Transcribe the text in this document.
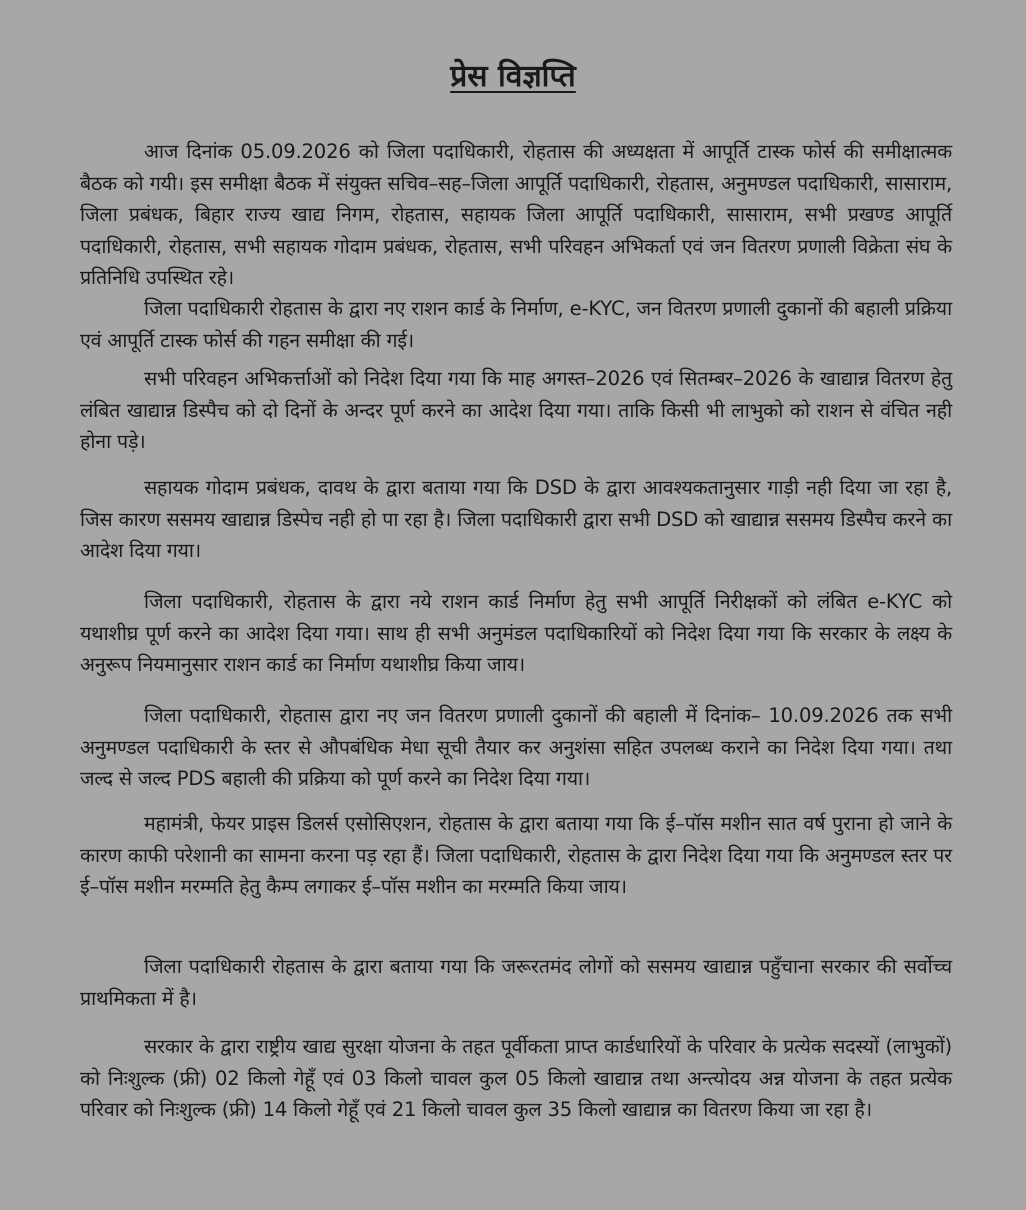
प्रेस विज्ञप्ति

आज दिनांक 05.09.2026 को जिला पदाधिकारी, रोहतास की अध्यक्षता में आपूर्ति टास्क फोर्स की समीक्षात्मक बैठक को गयी। इस समीक्षा बैठक में संयुक्त सचिव–सह–जिला आपूर्ति पदाधिकारी, रोहतास, अनुमण्डल पदाधिकारी, सासाराम, जिला प्रबंधक, बिहार राज्य खाद्य निगम, रोहतास, सहायक जिला आपूर्ति पदाधिकारी, सासाराम, सभी प्रखण्ड आपूर्ति पदाधिकारी, रोहतास, सभी सहायक गोदाम प्रबंधक, रोहतास, सभी परिवहन अभिकर्ता एवं जन वितरण प्रणाली विक्रेता संघ के प्रतिनिधि उपस्थित रहे।

जिला पदाधिकारी रोहतास के द्वारा नए राशन कार्ड के निर्माण, e-KYC, जन वितरण प्रणाली दुकानों की बहाली प्रक्रिया एवं आपूर्ति टास्क फोर्स की गहन समीक्षा की गई।

सभी परिवहन अभिकर्त्ताओं को निदेश दिया गया कि माह अगस्त–2026 एवं सितम्बर–2026 के खाद्यान्न वितरण हेतु लंबित खाद्यान्न डिस्पैच को दो दिनों के अन्दर पूर्ण करने का आदेश दिया गया। ताकि किसी भी लाभुको को राशन से वंचित नही होना पड़े।

सहायक गोदाम प्रबंधक, दावथ के द्वारा बताया गया कि DSD के द्वारा आवश्यकतानुसार गाड़ी नही दिया जा रहा है, जिस कारण ससमय खाद्यान्न डिस्पेच नही हो पा रहा है। जिला पदाधिकारी द्वारा सभी DSD को खाद्यान्न ससमय डिस्पैच करने का आदेश दिया गया।

जिला पदाधिकारी, रोहतास के द्वारा नये राशन कार्ड निर्माण हेतु सभी आपूर्ति निरीक्षकों को लंबित e-KYC को यथाशीघ्र पूर्ण करने का आदेश दिया गया। साथ ही सभी अनुमंडल पदाधिकारियों को निदेश दिया गया कि सरकार के लक्ष्य के अनुरूप नियमानुसार राशन कार्ड का निर्माण यथाशीघ्र किया जाय।

जिला पदाधिकारी, रोहतास द्वारा नए जन वितरण प्रणाली दुकानों की बहाली में दिनांक– 10.09.2026 तक सभी अनुमण्डल पदाधिकारी के स्तर से औपबंधिक मेधा सूची तैयार कर अनुशंसा सहित उपलब्ध कराने का निदेश दिया गया। तथा जल्द से जल्द PDS बहाली की प्रक्रिया को पूर्ण करने का निदेश दिया गया।

महामंत्री, फेयर प्राइस डिलर्स एसोसिएशन, रोहतास के द्वारा बताया गया कि ई–पॉस मशीन सात वर्ष पुराना हो जाने के कारण काफी परेशानी का सामना करना पड़ रहा हैं। जिला पदाधिकारी, रोहतास के द्वारा निदेश दिया गया कि अनुमण्डल स्तर पर ई–पॉस मशीन मरम्मति हेतु कैम्प लगाकर ई–पॉस मशीन का मरम्मति किया जाय।

जिला पदाधिकारी रोहतास के द्वारा बताया गया कि जरूरतमंद लोगों को ससमय खाद्यान्न पहुँचाना सरकार की सर्वोच्च प्राथमिकता में है।

सरकार के द्वारा राष्ट्रीय खाद्य सुरक्षा योजना के तहत पूर्वीकता प्राप्त कार्डधारियों के परिवार के प्रत्येक सदस्यों (लाभुकों) को निःशुल्क (फ्री) 02 किलो गेहूँ एवं 03 किलो चावल कुल 05 किलो खाद्यान्न तथा अन्त्योदय अन्न योजना के तहत प्रत्येक परिवार को निःशुल्क (फ्री) 14 किलो गेहूँ एवं 21 किलो चावल कुल 35 किलो खाद्यान्न का वितरण किया जा रहा है।
